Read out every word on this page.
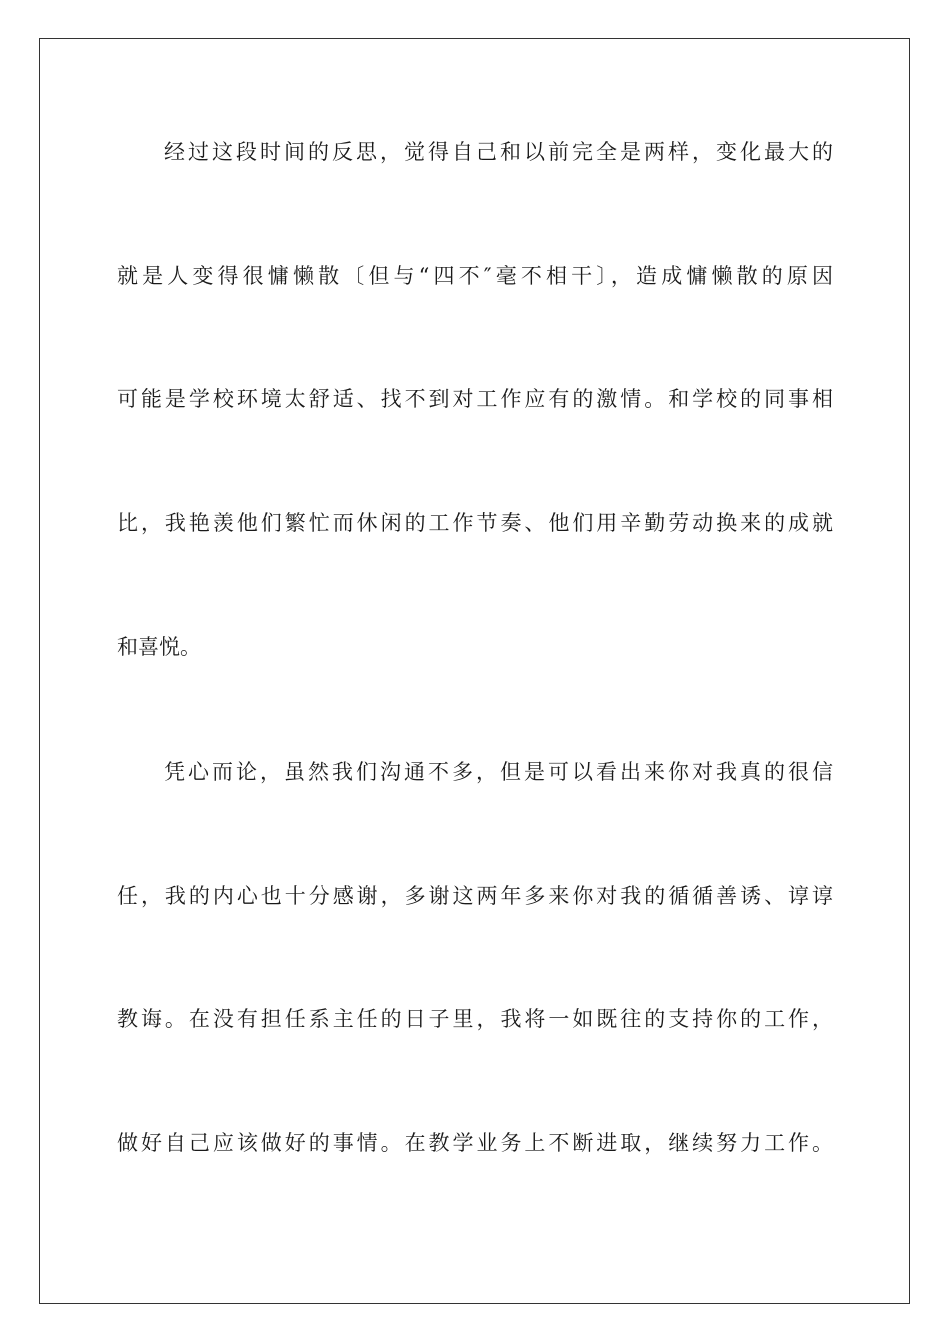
经过这段时间的反思，觉得自己和以前完全是两样，变化最大的
就是人变得很慵懒散〔但与“四不″毫不相干〕，造成慵懒散的原因
可能是学校环境太舒适、找不到对工作应有的激情。和学校的同事相
比，我艳羡他们繁忙而休闲的工作节奏、他们用辛勤劳动换来的成就
和喜悦。
凭心而论，虽然我们沟通不多，但是可以看出来你对我真的很信
任，我的内心也十分感谢，多谢这两年多来你对我的循循善诱、谆谆
教诲。在没有担任系主任的日子里，我将一如既往的支持你的工作，
做好自己应该做好的事情。在教学业务上不断进取，继续努力工作。
